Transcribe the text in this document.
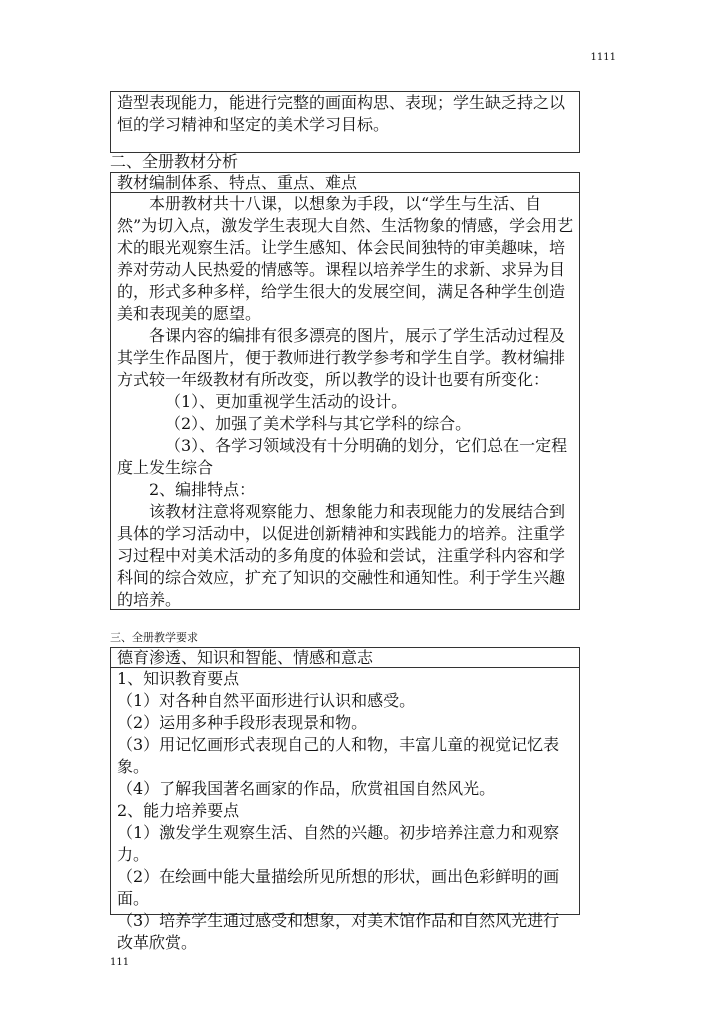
1111

造型表现能力，能进行完整的画面构思、表现；学生缺乏持之以恒的学习精神和坚定的美术学习目标。

二、全册教材分析
教材编制体系、特点、重点、难点

本册教材共十八课，以想象为手段，以“学生与生活、自然”为切入点，激发学生表现大自然、生活物象的情感，学会用艺术的眼光观察生活。让学生感知、体会民间独特的审美趣味，培养对劳动人民热爱的情感等。课程以培养学生的求新、求异为目的，形式多种多样，给学生很大的发展空间，满足各种学生创造美和表现美的愿望。

各课内容的编排有很多漂亮的图片，展示了学生活动过程及其学生作品图片，便于教师进行教学参考和学生自学。教材编排方式较一年级教材有所改变，所以教学的设计也要有所变化：

（1）、更加重视学生活动的设计。

（2）、加强了美术学科与其它学科的综合。

（3）、各学习领域没有十分明确的划分，它们总在一定程度上发生综合

2、编排特点：

该教材注意将观察能力、想象能力和表现能力的发展结合到具体的学习活动中，以促进创新精神和实践能力的培养。注重学习过程中对美术活动的多角度的体验和尝试，注重学科内容和学科间的综合效应，扩充了知识的交融性和通知性。利于学生兴趣的培养。

三、全册教学要求
德育渗透、知识和智能、情感和意志

1、知识教育要点

（1）对各种自然平面形进行认识和感受。

（2）运用多种手段形表现景和物。

（3）用记忆画形式表现自己的人和物，丰富儿童的视觉记忆表象。

（4）了解我国著名画家的作品，欣赏祖国自然风光。

2、能力培养要点

（1）激发学生观察生活、自然的兴趣。初步培养注意力和观察力。

（2）在绘画中能大量描绘所见所想的形状，画出色彩鲜明的画面。

（3）培养学生通过感受和想象，对美术馆作品和自然风光进行改革欣赏。

111
